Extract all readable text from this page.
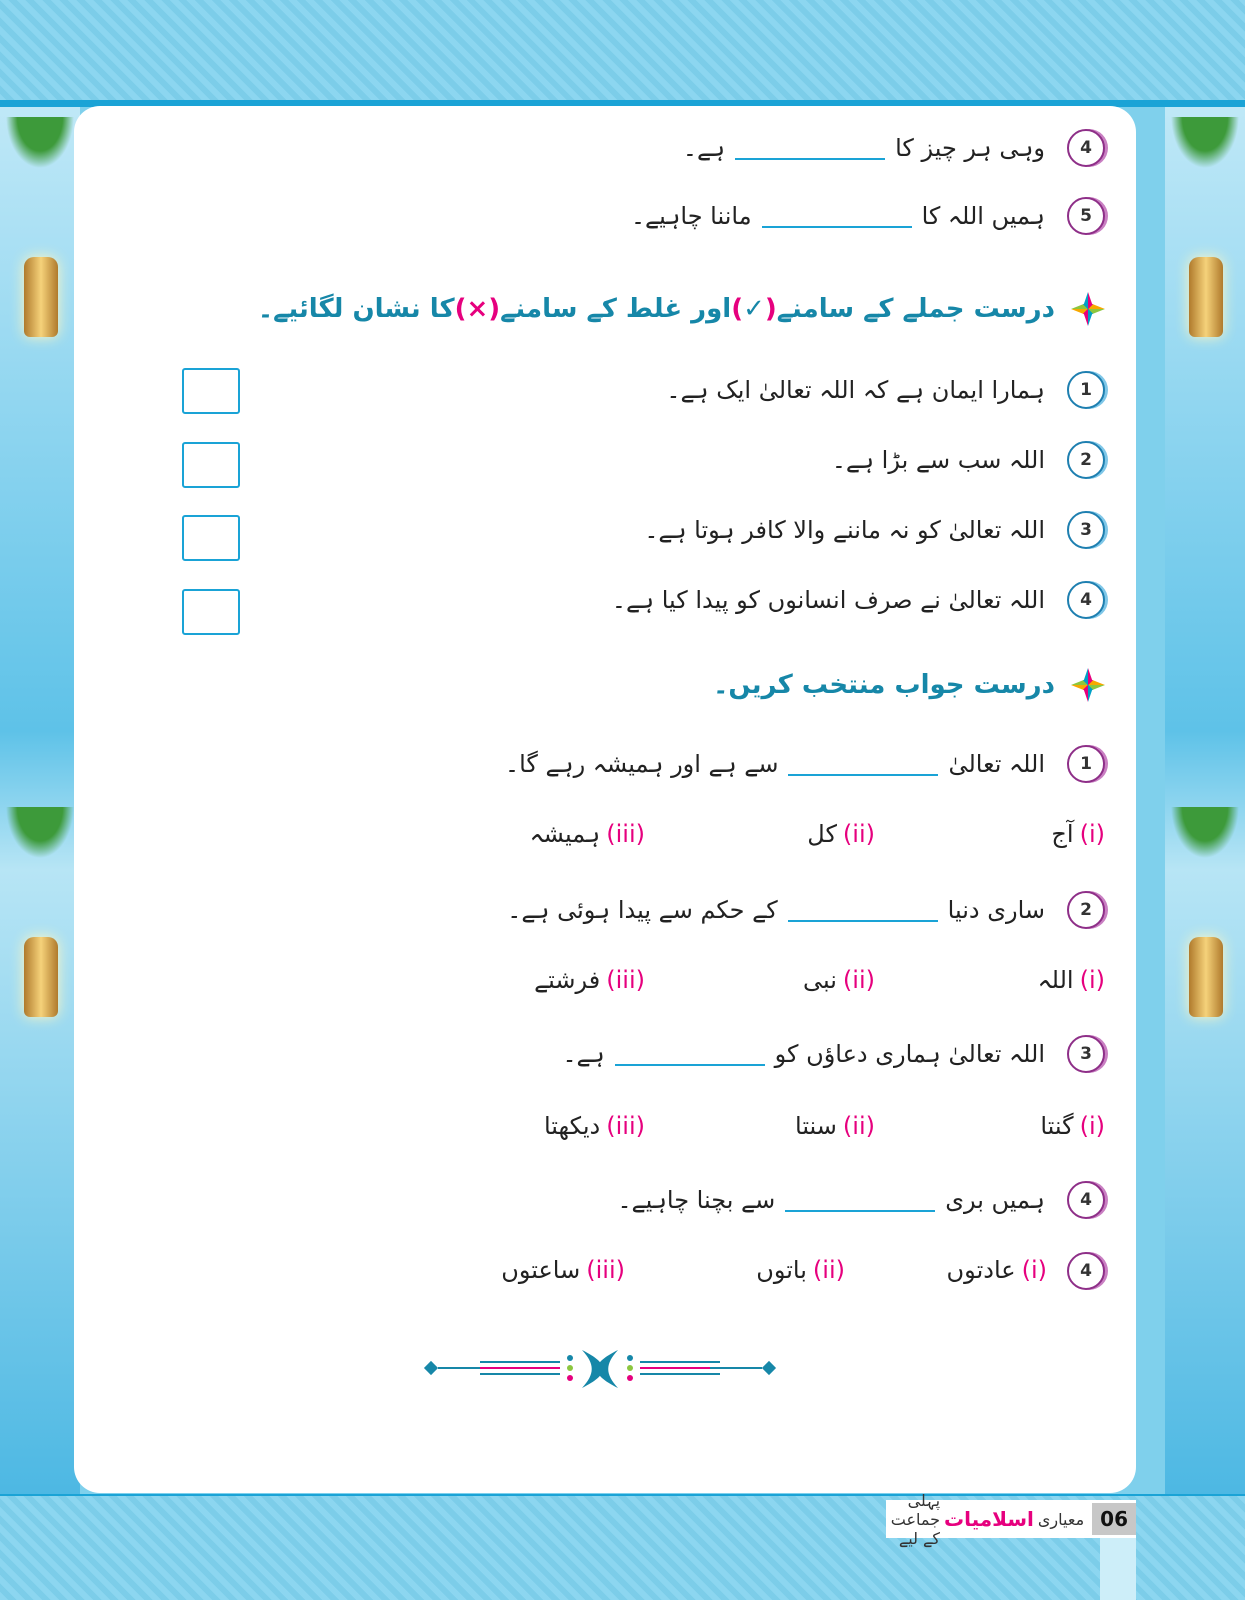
4
وہی ہر چیز کا
ہے۔
5
ہمیں اللہ کا
ماننا چاہیے۔
درست جملے کے سامنے
(✓)
اور غلط کے سامنے
(×)
کا نشان لگائیے۔
1
ہمارا ایمان ہے کہ اللہ تعالیٰ ایک ہے۔
2
اللہ سب سے بڑا ہے۔
3
اللہ تعالیٰ کو نہ ماننے والا کافر ہوتا ہے۔
4
اللہ تعالیٰ نے صرف انسانوں کو پیدا کیا ہے۔
درست جواب منتخب کریں۔
1
اللہ تعالیٰ
سے ہے اور ہمیشہ رہے گا۔
(i)آج
(ii)کل
(iii)ہمیشہ
2
ساری دنیا
کے حکم سے پیدا ہوئی ہے۔
(i)اللہ
(ii)نبی
(iii)فرشتے
3
اللہ تعالیٰ ہماری دعاؤں کو
ہے۔
(i)گنتا
(ii)سنتا
(iii)دیکھتا
4
ہمیں بری
سے بچنا چاہیے۔
4
(i)عادتوں
(ii)باتوں
(iii)ساعتوں
06
معیاری
اسلامیات
پہلی جماعت کے لیے
